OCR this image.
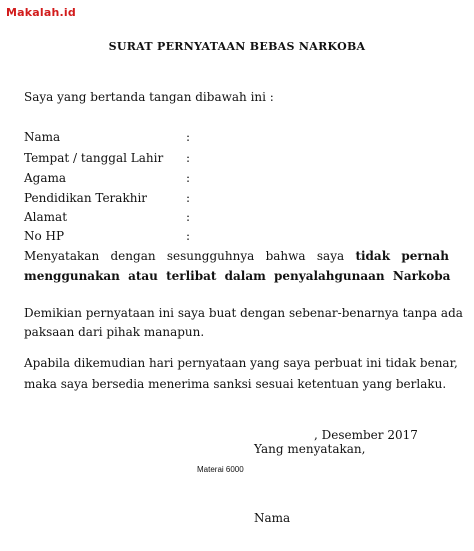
Makalah.id
SURAT PERNYATAAN BEBAS NARKOBA
Saya yang bertanda tangan dibawah ini :
Nama	:
Tempat / tanggal Lahir :
Agama	:
Pendidikan Terakhir	:
Alamat	:
No HP	:
Menyatakan dengan sesungguhnya bahwa saya tidak pernah
menggunakan atau terlibat dalam penyalahgunaan Narkoba
Demikian pernyataan ini saya buat dengan sebenar-benarnya tanpa ada
paksaan dari pihak manapun.
Apabila dikemudian hari pernyataan yang saya perbuat ini tidak benar,
maka saya bersedia menerima sanksi sesuai ketentuan yang berlaku.
, Desember 2017
Yang menyatakan,
Materai 6000
Nama
